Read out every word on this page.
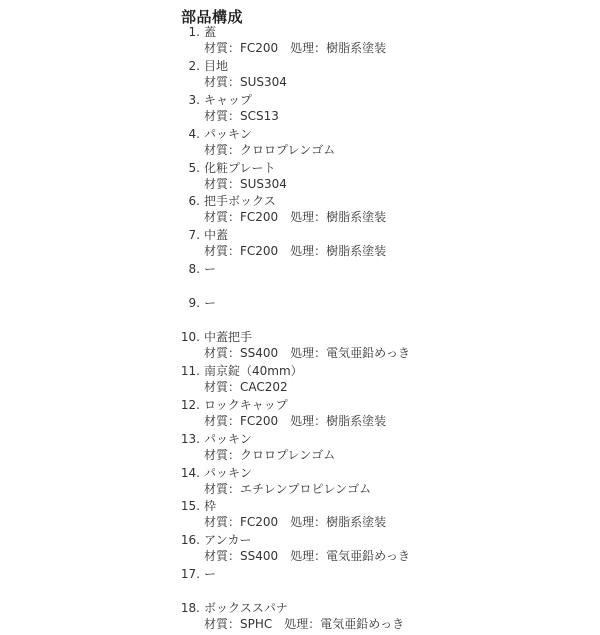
部品構成
1. 蓋
材質：FC200　処理：樹脂系塗装
2. 目地
材質：SUS304
3. キャップ
材質：SCS13
4. パッキン
材質：クロロプレンゴム
5. 化粧プレート
材質：SUS304
6. 把手ボックス
材質：FC200　処理：樹脂系塗装
7. 中蓋
材質：FC200　処理：樹脂系塗装
8. ー
9. ー
10. 中蓋把手
材質：SS400　処理：電気亜鉛めっき
11. 南京錠（40mm）
材質：CAC202
12. ロックキャップ
材質：FC200　処理：樹脂系塗装
13. パッキン
材質：クロロプレンゴム
14. パッキン
材質：エチレンプロピレンゴム
15. 枠
材質：FC200　処理：樹脂系塗装
16. アンカー
材質：SS400　処理：電気亜鉛めっき
17. ー
18. ボックススパナ
材質：SPHC　処理：電気亜鉛めっき
